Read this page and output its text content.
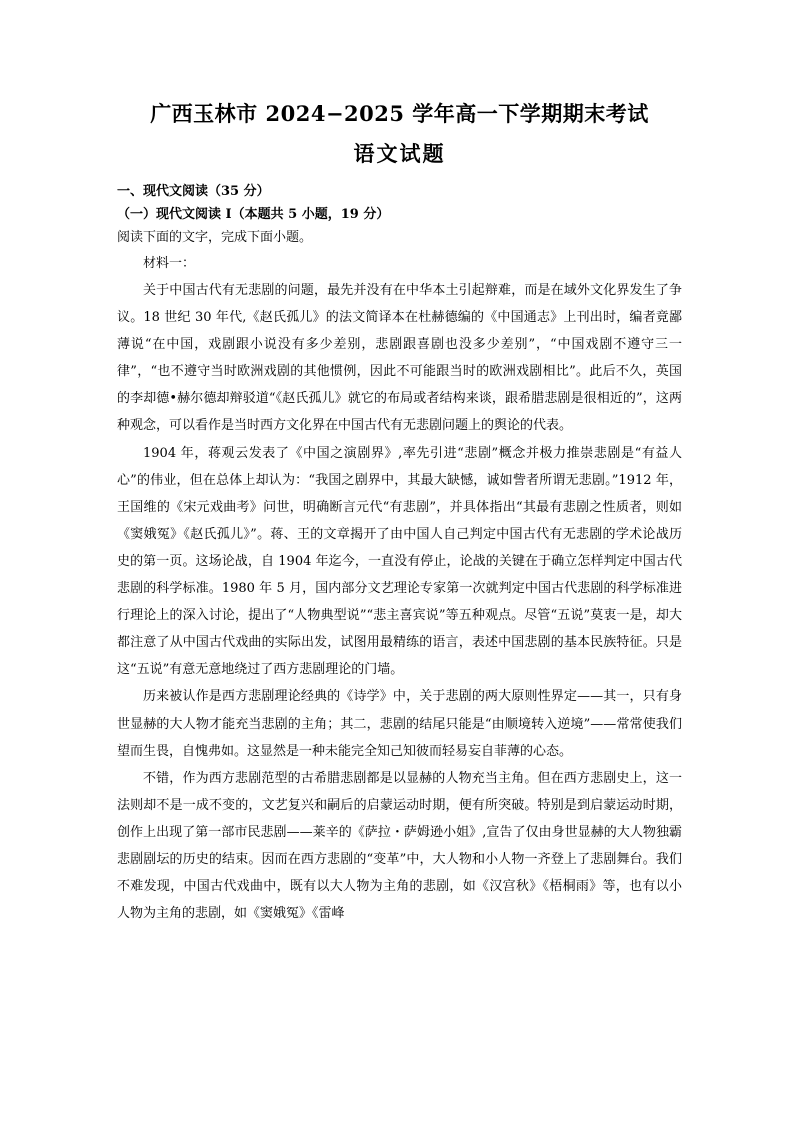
广西玉林市 2024−2025 学年高一下学期期末考试
语文试题

一、现代文阅读（35 分）

（一）现代文阅读 I（本题共 5 小题，19 分）

阅读下面的文字，完成下面小题。

材料一：

关于中国古代有无悲剧的问题，最先并没有在中华本土引起辩难，而是在域外文化界发生了争议。18 世纪 30 年代,《赵氏孤儿》的法文简译本在杜赫德编的《中国通志》上刊出时，编者竟鄙薄说“在中国，戏剧跟小说没有多少差别，悲剧跟喜剧也没多少差别”，“中国戏剧不遵守三一律”，“也不遵守当时欧洲戏剧的其他惯例，因此不可能跟当时的欧洲戏剧相比”。此后不久，英国的李却德•赫尔德却辩驳道“《赵氏孤儿》就它的布局或者结构来谈，跟希腊悲剧是很相近的”，这两种观念，可以看作是当时西方文化界在中国古代有无悲剧问题上的舆论的代表。

1904 年，蒋观云发表了《中国之演剧界》,率先引进“悲剧”概念并极力推崇悲剧是“有益人心”的伟业，但在总体上却认为：“我国之剧界中，其最大缺憾，诚如訾者所谓无悲剧。”1912 年，王国维的《宋元戏曲考》问世，明确断言元代“有悲剧”，并具体指出“其最有悲剧之性质者，则如《窦娥冤》《赵氏孤儿》”。蒋、王的文章揭开了由中国人自己判定中国古代有无悲剧的学术论战历史的第一页。这场论战，自 1904 年迄今，一直没有停止，论战的关键在于确立怎样判定中国古代悲剧的科学标准。1980 年 5 月，国内部分文艺理论专家第一次就判定中国古代悲剧的科学标准进行理论上的深入讨论，提出了“人物典型说”“悲主喜宾说”等五种观点。尽管“五说”莫衷一是，却大都注意了从中国古代戏曲的实际出发，试图用最精练的语言，表述中国悲剧的基本民族特征。只是这“五说”有意无意地绕过了西方悲剧理论的门墙。

历来被认作是西方悲剧理论经典的《诗学》中，关于悲剧的两大原则性界定——其一，只有身世显赫的大人物才能充当悲剧的主角；其二，悲剧的结尾只能是“由顺境转入逆境”——常常使我们望而生畏，自愧弗如。这显然是一种未能完全知己知彼而轻易妄自菲薄的心态。

不错，作为西方悲剧范型的古希腊悲剧都是以显赫的人物充当主角。但在西方悲剧史上，这一法则却不是一成不变的，文艺复兴和嗣后的启蒙运动时期，便有所突破。特别是到启蒙运动时期，创作上出现了第一部市民悲剧——莱辛的《萨拉・萨姆逊小姐》,宣告了仅由身世显赫的大人物独霸悲剧剧坛的历史的结束。因而在西方悲剧的“变革”中，大人物和小人物一齐登上了悲剧舞台。我们不难发现，中国古代戏曲中，既有以大人物为主角的悲剧，如《汉宫秋》《梧桐雨》等，也有以小人物为主角的悲剧，如《窦娥冤》《雷峰
